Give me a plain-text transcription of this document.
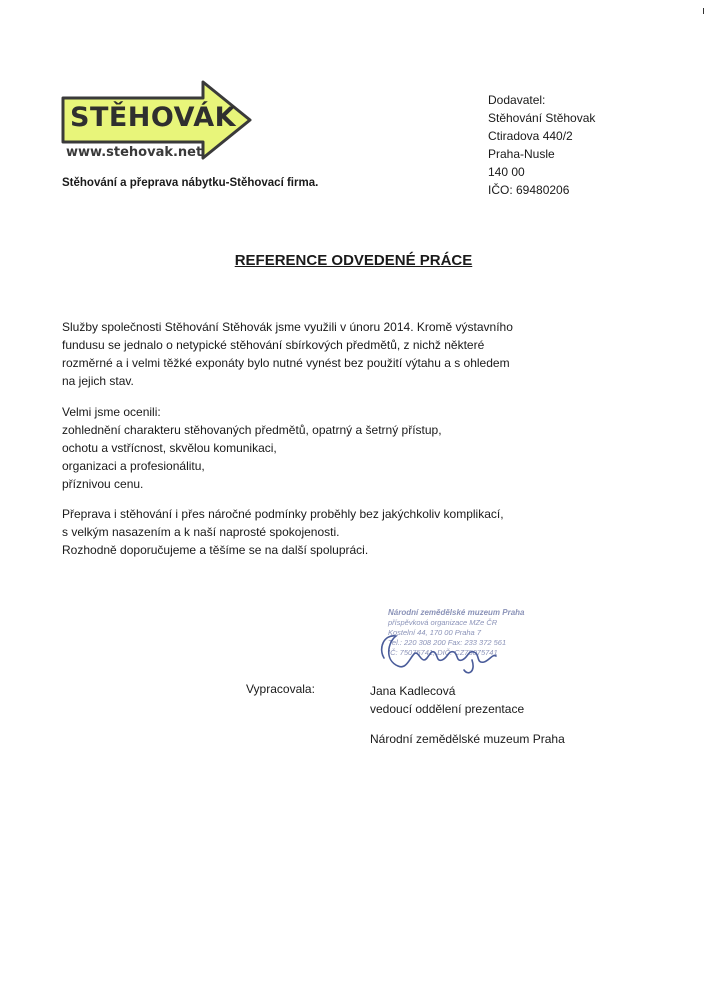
STĚHOVÁK
www.stehovak.net
Stěhování a přeprava nábytku-Stěhovací firma.
Dodavatel:
Stěhování Stěhovak
Ctiradova 440/2
Praha-Nusle
140 00
IČO: 69480206
REFERENCE ODVEDENÉ PRÁCE
Služby společnosti Stěhování Stěhovák jsme využili v únoru 2014. Kromě výstavního
fundusu se jednalo o netypické stěhování sbírkových předmětů, z nichž některé
rozměrné a i velmi těžké exponáty bylo nutné vynést bez použití výtahu a s ohledem
na jejich stav.
Velmi jsme ocenili:
zohlednění charakteru stěhovaných předmětů, opatrný a šetrný přístup,
ochotu a vstřícnost, skvělou komunikaci,
organizaci a profesionálitu,
příznivou cenu.
Přeprava i stěhování i přes náročné podmínky proběhly bez jakýchkoliv komplikací,
s velkým nasazením a k naší naprosté spokojenosti.
Rozhodně doporučujeme a těšíme se na další spolupráci.
Národní zemědělské muzeum Praha
příspěvková organizace MZe ČR
Kostelní 44, 170 00 Praha 7
Tel.: 220 308 200 Fax: 233 372 561
IČ: 75075741, DIČ: CZ75075741
Vypracovala:	Jana Kadlecová
vedoucí oddělení prezentace
Národní zemědělské muzeum Praha
